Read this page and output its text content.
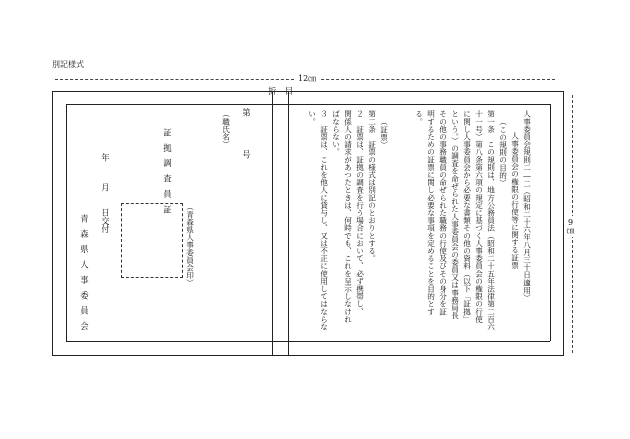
別記様式
12㎝
折　目
9㎝
人事委員会規則二―二（昭和二十六年八月三十日適用）
人事委員会の権限の行使等に関する証票
（この規則の目的）
第一条　この規則は、地方公務員法（昭和二十五年法律第二百六
十一号）第八条第六項の規定に基づく人事委員会の権限の行使
に関し人事委員会から必要な書類その他の資料（以下「証拠」
という。）の調査を命ぜられた人事委員会の委員又は事務局長
その他の事務職員の命ぜられた職務の行使及びその身分を証
明するための証票に関し必要な事項を定めることを目的とす
る。
（証票）
第二条　証票の様式は別記のとおりとする。
２　証票は、証拠の調査を行う場合において、必ず携帯し、
関係人の請求があつたときは、何時でも、これを呈示しなけれ
ばならない。
３　証票は、これを他人に貸与し、又は不正に使用してはならな
い。
第
号
（職氏名）
証拠調査員証
（青森県人事委員会印）
年
月
日交付
青森県人事委員会
